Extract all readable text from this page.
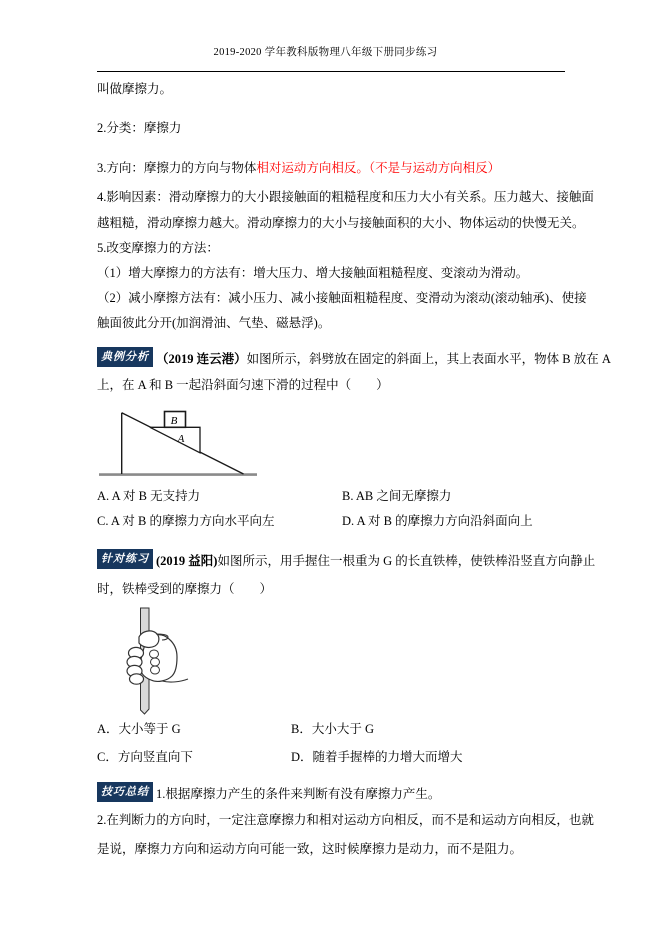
2019-2020 学年教科版物理八年级下册同步练习
叫做摩擦力。
2.分类：摩擦力
3.方向：摩擦力的方向与物体相对运动方向相反。（不是与运动方向相反）
4.影响因素：滑动摩擦力的大小跟接触面的粗糙程度和压力大小有关系。压力越大、接触面
越粗糙，滑动摩擦力越大。滑动摩擦力的大小与接触面积的大小、物体运动的快慢无关。
5.改变摩擦力的方法：
（1）增大摩擦力的方法有：增大压力、增大接触面粗糙程度、变滚动为滑动。
（2）减小摩擦方法有：减小压力、减小接触面粗糙程度、变滑动为滚动(滚动轴承)、使接
触面彼此分开(加润滑油、气垫、磁悬浮)。
典例分析 （2019 连云港） 如图所示，斜劈放在固定的斜面上，其上表面水平，物体 B 放在 A
上，在 A 和 B 一起沿斜面匀速下滑的过程中（　　）
B
A
A. A 对 B 无支持力	B. AB 之间无摩擦力
C. A 对 B 的摩擦力方向水平向左	D. A 对 B 的摩擦力方向沿斜面向上
针对练习 (2019 益阳) 如图所示，用手握住一根重为 G 的长直铁棒，使铁棒沿竖直方向静止
时，铁棒受到的摩擦力（　　）
A．大小等于 G	B．大小大于 G
C．方向竖直向下	D．随着手握棒的力增大而增大
技巧总结 1.根据摩擦力产生的条件来判断有没有摩擦力产生。
2.在判断力的方向时，一定注意摩擦力和相对运动方向相反，而不是和运动方向相反，也就
是说，摩擦力方向和运动方向可能一致，这时候摩擦力是动力，而不是阻力。
